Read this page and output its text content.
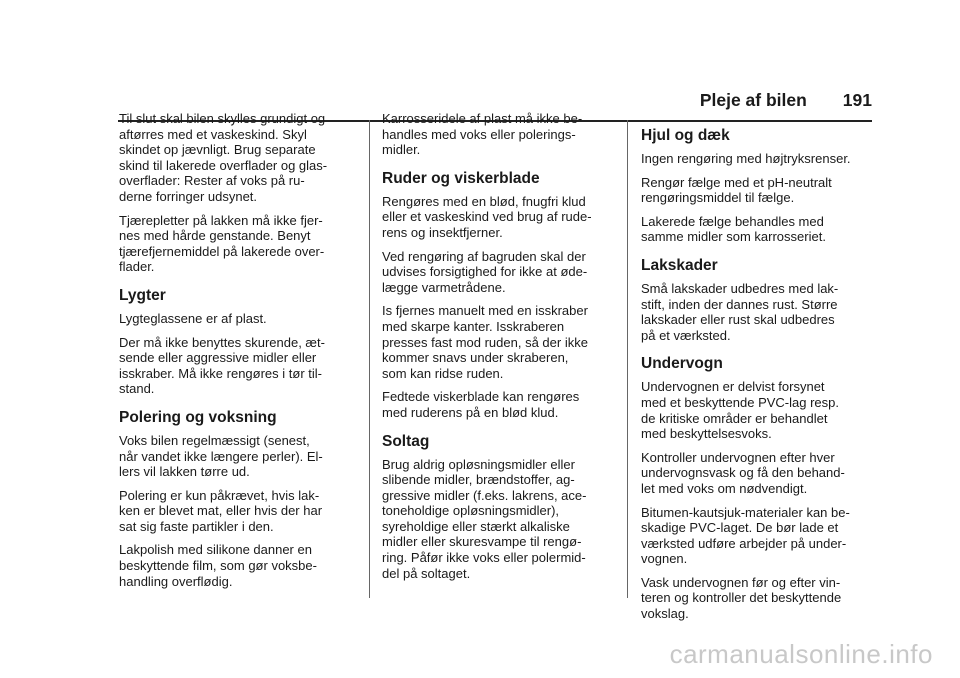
Pleje af bilen 191

Til slut skal bilen skylles grundigt og
aftørres med et vaskeskind. Skyl
skindet op jævnligt. Brug separate
skind til lakerede overflader og glas-
overflader: Rester af voks på ru-
derne forringer udsynet.

Tjærepletter på lakken må ikke fjer-
nes med hårde genstande. Benyt
tjærefjernemiddel på lakerede over-
flader.

Lygter

Lygteglassene er af plast.

Der må ikke benyttes skurende, æt-
sende eller aggressive midler eller
isskraber. Må ikke rengøres i tør til-
stand.

Polering og voksning

Voks bilen regelmæssigt (senest,
når vandet ikke længere perler). El-
lers vil lakken tørre ud.

Polering er kun påkrævet, hvis lak-
ken er blevet mat, eller hvis der har
sat sig faste partikler i den.

Lakpolish med silikone danner en
beskyttende film, som gør voksbe-
handling overflødig.

Karrosseridele af plast må ikke be-
handles med voks eller polerings-
midler.

Ruder og viskerblade

Rengøres med en blød, fnugfri klud
eller et vaskeskind ved brug af rude-
rens og insektfjerner.

Ved rengøring af bagruden skal der
udvises forsigtighed for ikke at øde-
lægge varmetrådene.

Is fjernes manuelt med en isskraber
med skarpe kanter. Isskraberen
presses fast mod ruden, så der ikke
kommer snavs under skraberen,
som kan ridse ruden.

Fedtede viskerblade kan rengøres
med ruderens på en blød klud.

Soltag

Brug aldrig opløsningsmidler eller
slibende midler, brændstoffer, ag-
gressive midler (f.eks. lakrens, ace-
toneholdige opløsningsmidler),
syreholdige eller stærkt alkaliske
midler eller skuresvampe til rengø-
ring. Påfør ikke voks eller polermid-
del på soltaget.

Hjul og dæk

Ingen rengøring med højtryksrenser.

Rengør fælge med et pH-neutralt
rengøringsmiddel til fælge.

Lakerede fælge behandles med
samme midler som karrosseriet.

Lakskader

Små lakskader udbedres med lak-
stift, inden der dannes rust. Større
lakskader eller rust skal udbedres
på et værksted.

Undervogn

Undervognen er delvist forsynet
med et beskyttende PVC-lag resp.
de kritiske områder er behandlet
med beskyttelsesvoks.

Kontroller undervognen efter hver
undervognsvask og få den behand-
let med voks om nødvendigt.

Bitumen-kautsjuk-materialer kan be-
skadige PVC-laget. De bør lade et
værksted udføre arbejder på under-
vognen.

Vask undervognen før og efter vin-
teren og kontroller det beskyttende
vokslag.

carmanualsonline.info
